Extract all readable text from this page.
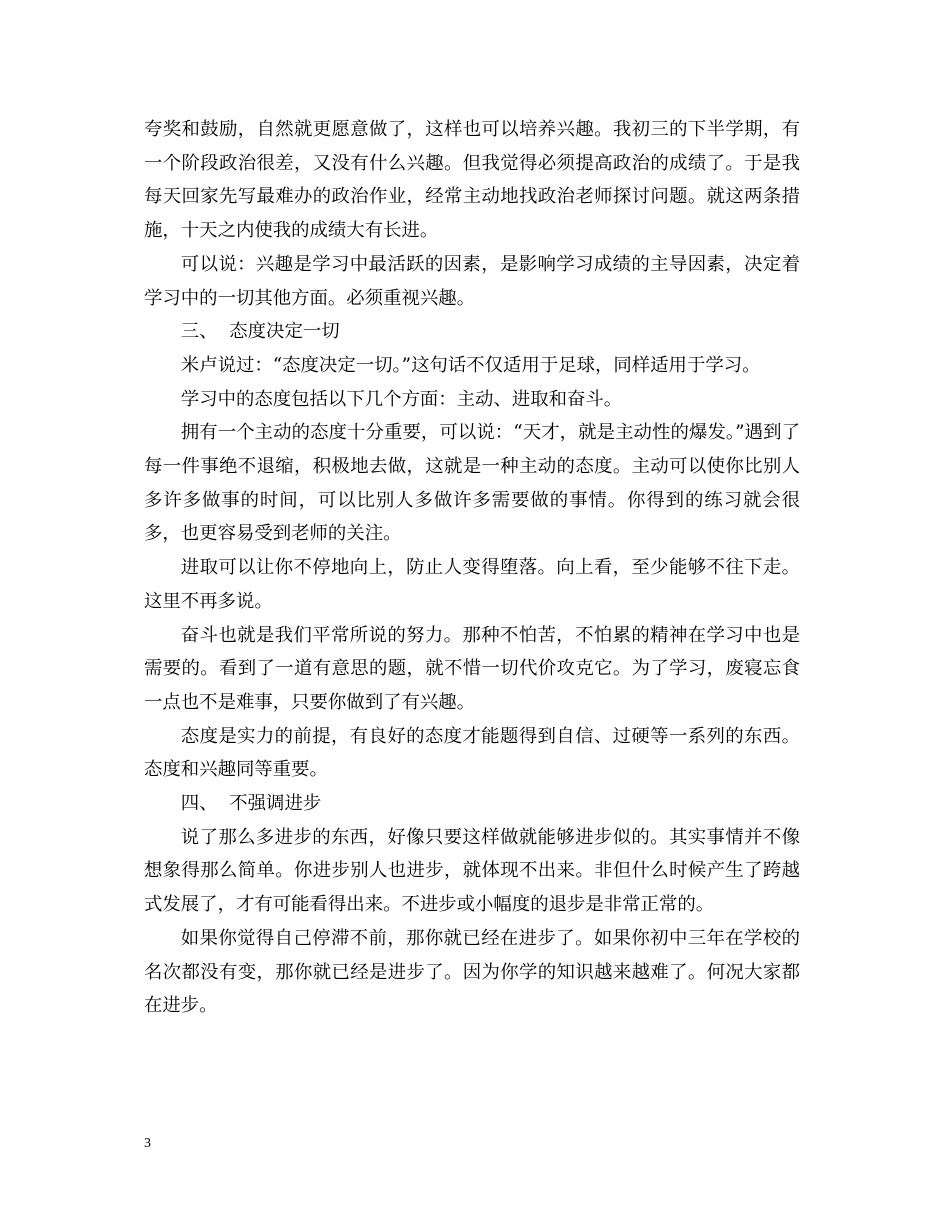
夸奖和鼓励，自然就更愿意做了，这样也可以培养兴趣。我初三的下半学期，有一个阶段政治很差，又没有什么兴趣。但我觉得必须提高政治的成绩了。于是我每天回家先写最难办的政治作业，经常主动地找政治老师探讨问题。就这两条措施，十天之内使我的成绩大有长进。

可以说：兴趣是学习中最活跃的因素，是影响学习成绩的主导因素，决定着学习中的一切其他方面。必须重视兴趣。

三、  态度决定一切

米卢说过：“态度决定一切。”这句话不仅适用于足球，同样适用于学习。

学习中的态度包括以下几个方面：主动、进取和奋斗。

拥有一个主动的态度十分重要，可以说：“天才，就是主动性的爆发。”遇到了每一件事绝不退缩，积极地去做，这就是一种主动的态度。主动可以使你比别人多许多做事的时间，可以比别人多做许多需要做的事情。你得到的练习就会很多，也更容易受到老师的关注。

进取可以让你不停地向上，防止人变得堕落。向上看，至少能够不往下走。这里不再多说。

奋斗也就是我们平常所说的努力。那种不怕苦，不怕累的精神在学习中也是需要的。看到了一道有意思的题，就不惜一切代价攻克它。为了学习，废寝忘食一点也不是难事，只要你做到了有兴趣。

态度是实力的前提，有良好的态度才能题得到自信、过硬等一系列的东西。态度和兴趣同等重要。

四、  不强调进步

说了那么多进步的东西，好像只要这样做就能够进步似的。其实事情并不像想象得那么简单。你进步别人也进步，就体现不出来。非但什么时候产生了跨越式发展了，才有可能看得出来。不进步或小幅度的退步是非常正常的。

如果你觉得自己停滞不前，那你就已经在进步了。如果你初中三年在学校的名次都没有变，那你就已经是进步了。因为你学的知识越来越难了。何况大家都在进步。

3
